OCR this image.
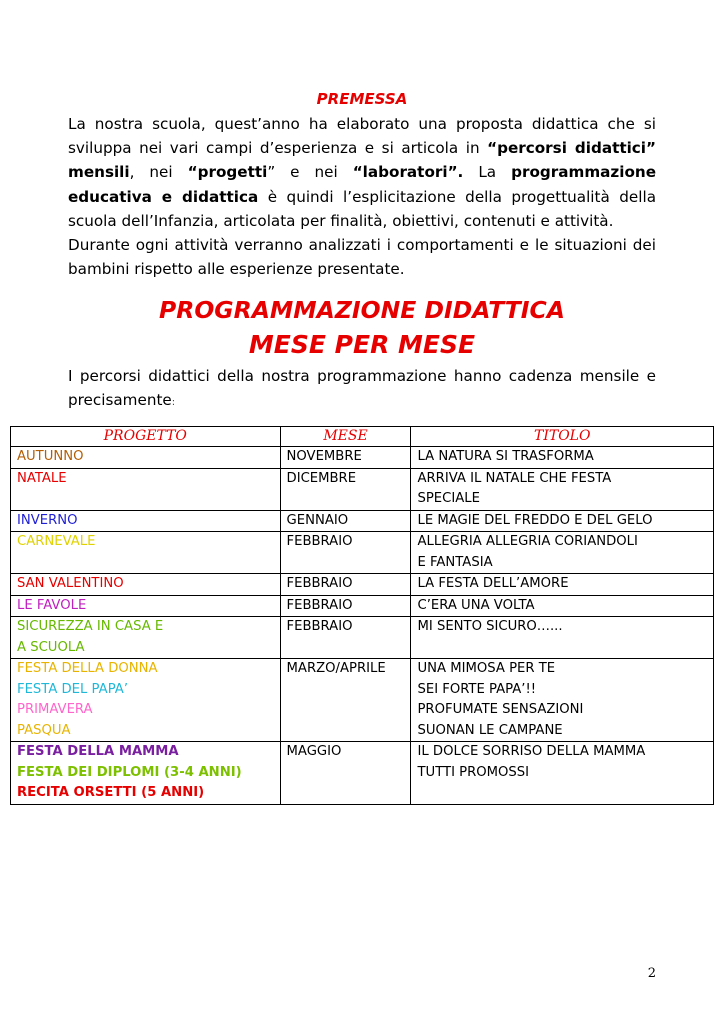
PREMESSA

La nostra scuola, quest’anno ha elaborato una proposta didattica che si sviluppa nei vari campi d’esperienza e si articola in “percorsi didattici” mensili, nei “progetti” e nei “laboratori”. La programmazione educativa e didattica è quindi l’esplicitazione della progettualità della scuola dell’Infanzia, articolata per finalità, obiettivi, contenuti e attività.

Durante ogni attività verranno analizzati i comportamenti e le situazioni dei bambini rispetto alle esperienze presentate.

PROGRAMMAZIONE DIDATTICA
MESE PER MESE
I percorsi didattici della nostra programmazione hanno cadenza mensile e precisamente:
PROGETTO	MESE	TITOLO

AUTUNNO	NOVEMBRE	LA NATURA SI TRASFORMA

NATALE	DICEMBRE	ARRIVA IL NATALE CHE FESTA
SPECIALE

INVERNO	GENNAIO	LE MAGIE DEL FREDDO E DEL GELO

CARNEVALE	FEBBRAIO	ALLEGRIA ALLEGRIA CORIANDOLI
E FANTASIA

SAN VALENTINO	FEBBRAIO	LA FESTA DELL’AMORE

LE FAVOLE	FEBBRAIO	C’ERA UNA VOLTA

SICUREZZA IN CASA E
A SCUOLA	FEBBRAIO	MI SENTO SICURO…...

FESTA DELLA DONNA
FESTA DEL PAPA’
PRIMAVERA
PASQUA	MARZO/APRILE	UNA MIMOSA PER TE
SEI FORTE PAPA’!!
PROFUMATE SENSAZIONI
SUONAN LE CAMPANE

FESTA DELLA MAMMA
FESTA DEI DIPLOMI (3-4 ANNI)
RECITA ORSETTI (5 ANNI)	MAGGIO	IL DOLCE SORRISO DELLA MAMMA
TUTTI PROMOSSI
2
